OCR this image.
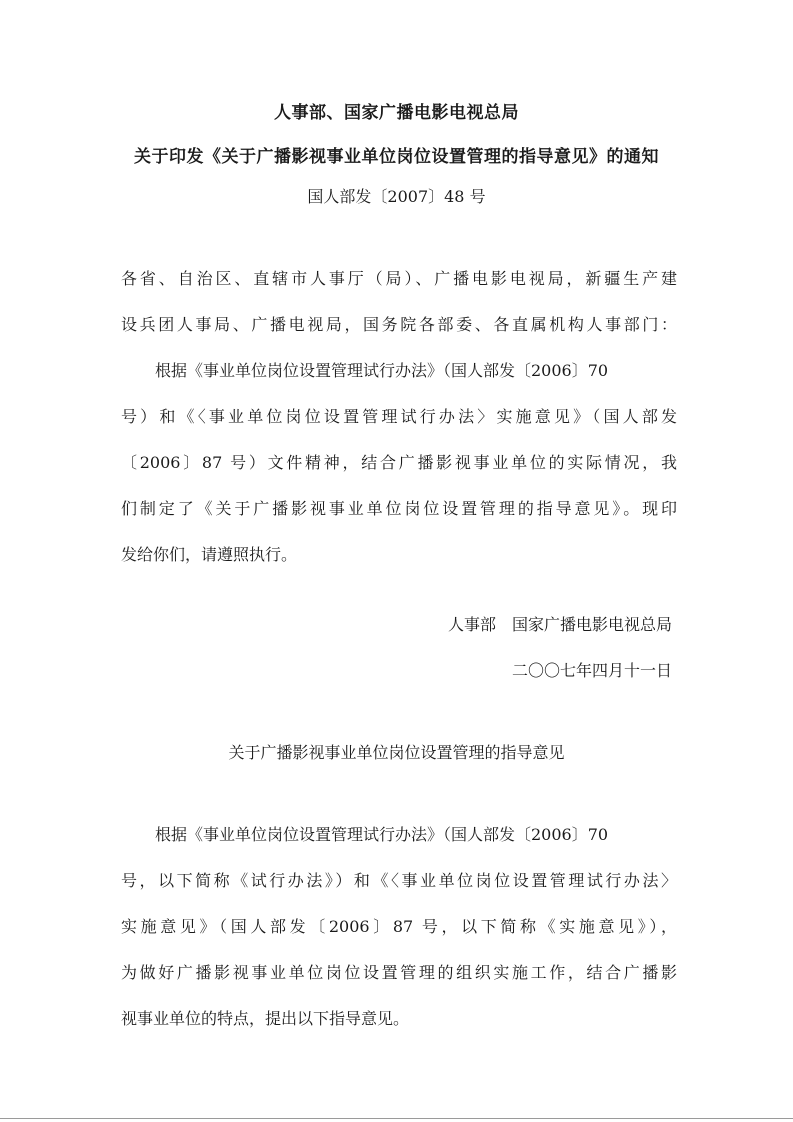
人事部、国家广播电影电视总局
关于印发《关于广播影视事业单位岗位设置管理的指导意见》的通知
国人部发〔2007〕48 号
各省、自治区、直辖市人事厅（局）、广播电影电视局，新疆生产建
设兵团人事局、广播电视局，国务院各部委、各直属机构人事部门：
根据《事业单位岗位设置管理试行办法》（国人部发〔2006〕70
号）和《〈事业单位岗位设置管理试行办法〉实施意见》（国人部发
〔2006〕87 号）文件精神，结合广播影视事业单位的实际情况，我
们制定了《关于广播影视事业单位岗位设置管理的指导意见》。现印
发给你们，请遵照执行。
人事部　国家广播电影电视总局
二〇〇七年四月十一日
关于广播影视事业单位岗位设置管理的指导意见
根据《事业单位岗位设置管理试行办法》（国人部发〔2006〕70
号，以下简称《试行办法》）和《〈事业单位岗位设置管理试行办法〉
实施意见》（国人部发〔2006〕87 号，以下简称《实施意见》），
为做好广播影视事业单位岗位设置管理的组织实施工作，结合广播影
视事业单位的特点，提出以下指导意见。
